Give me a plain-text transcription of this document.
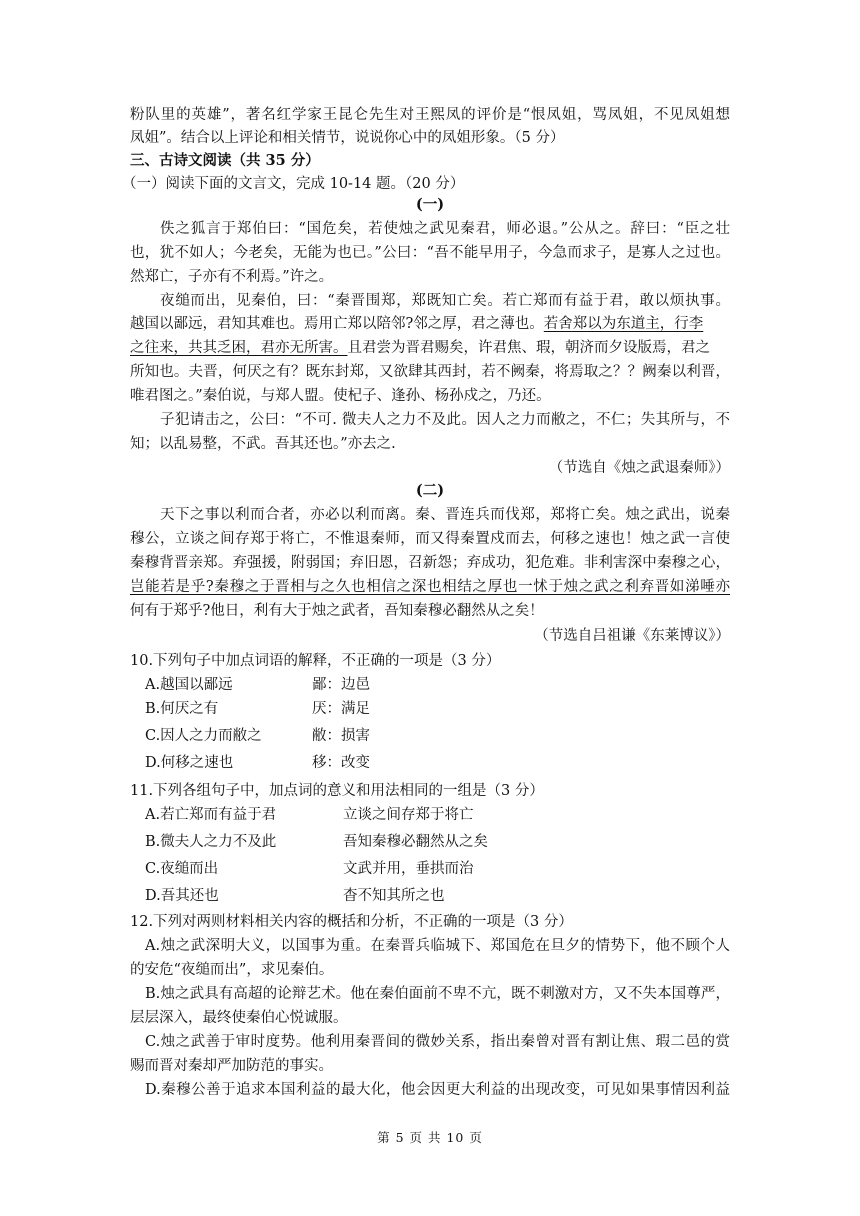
粉队里的英雄”，著名红学家王昆仑先生对王熙凤的评价是“恨凤姐，骂凤姐，不见凤姐想
凤姐”。结合以上评论和相关情节，说说你心中的凤姐形象。（5 分）
三、古诗文阅读（共 35 分）
（一）阅读下面的文言文，完成 10-14 题。（20 分）
(一)
佚之狐言于郑伯曰：“国危矣，若使烛之武见秦君，师必退。”公从之。辞曰：“臣之壮
也，犹不如人；今老矣，无能为也已。”公曰：“吾不能早用子，今急而求子，是寡人之过也。
然郑亡，子亦有不利焉。”许之。
夜缒而出，见秦伯，曰：“秦晋围郑，郑既知亡矣。若亡郑而有益于君，敢以烦执事。
越国以鄙远，君知其难也。焉用亡郑以陪邻?邻之厚，君之薄也。若舍郑以为东道主，行李
之往来，共其乏困，君亦无所害。且君尝为晋君赐矣，许君焦、瑕，朝济而夕设版焉，君之
所知也。夫晋，何厌之有？既东封郑，又欲肆其西封，若不阙秦，将焉取之？？阙秦以利晋，
唯君图之。”秦伯说，与郑人盟。使杞子、逢孙、杨孙戍之，乃还。
子犯请击之，公曰：“不可. 微夫人之力不及此。因人之力而敝之，不仁；失其所与，不
知；以乱易整，不武。吾其还也。”亦去之.
（节选自《烛之武退秦师》）
(二)
天下之事以利而合者，亦必以利而离。秦、晋连兵而伐郑，郑将亡矣。烛之武出，说秦
穆公，立谈之间存郑于将亡，不惟退秦师，而又得秦置戍而去，何移之速也！烛之武一言使
秦穆背晋亲郑。弃强援，附弱国；弃旧恩，召新怨；弃成功，犯危难。非利害深中秦穆之心，
岂能若是乎?秦穆之于晋相与之久也相信之深也相结之厚也一怵于烛之武之利弃晋如涕唾亦
何有于郑乎?他日，利有大于烛之武者，吾知秦穆必翻然从之矣！
（节选自吕祖谦《东莱博议》）
10.下列句子中加点词语的解释，不正确的一项是（3 分）
A.越国以鄙远	鄙：边邑
B.何厌之有	厌：满足
C.因人之力而敝之	敝：损害
D.何移之速也	移：改变
11.下列各组句子中，加点词的意义和用法相同的一组是（3 分）
A.若亡郑而有益于君	立谈之间存郑于将亡
B.微夫人之力不及此	吾知秦穆必翻然从之矣
C.夜缒而出	文武并用，垂拱而治
D.吾其还也	杳不知其所之也
12.下列对两则材料相关内容的概括和分析，不正确的一项是（3 分）
A.烛之武深明大义，以国事为重。在秦晋兵临城下、郑国危在旦夕的情势下，他不顾个人
的安危“夜缒而出”，求见秦伯。
B.烛之武具有高超的论辩艺术。他在秦伯面前不卑不亢，既不刺激对方，又不失本国尊严，
层层深入，最终使秦伯心悦诚服。
C.烛之武善于审时度势。他利用秦晋间的微妙关系，指出秦曾对晋有割让焦、瑕二邑的赏
赐而晋对秦却严加防范的事实。
D.秦穆公善于追求本国利益的最大化，他会因更大利益的出现改变，可见如果事情因利益
第 5 页 共 10 页
